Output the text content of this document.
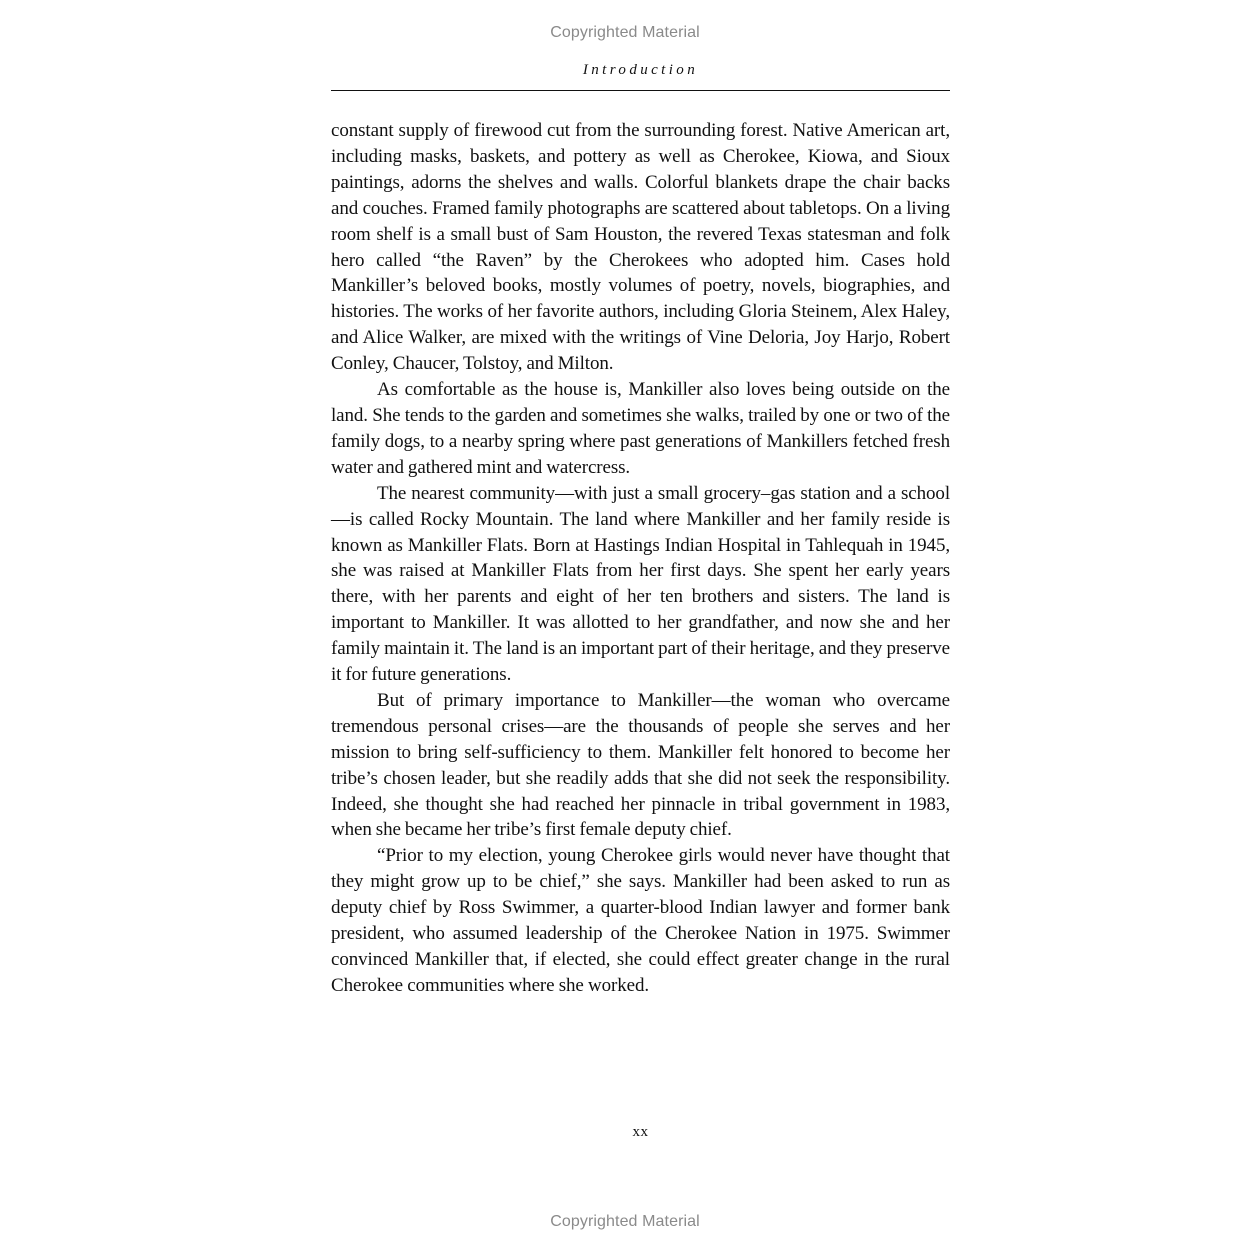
Copyrighted Material
Introduction

constant supply of firewood cut from the surrounding forest. Native American art, including masks, baskets, and pottery as well as Cherokee, Kiowa, and Sioux paintings, adorns the shelves and walls. Colorful blankets drape the chair backs and couches. Framed family photographs are scattered about tabletops. On a living room shelf is a small bust of Sam Houston, the revered Texas statesman and folk hero called “the Raven” by the Cherokees who adopted him. Cases hold Mankiller’s beloved books, mostly volumes of poetry, novels, biographies, and histories. The works of her favorite authors, including Gloria Steinem, Alex Haley, and Alice Walker, are mixed with the writings of Vine Deloria, Joy Harjo, Robert Conley, Chaucer, Tolstoy, and Milton.

As comfortable as the house is, Mankiller also loves being outside on the land. She tends to the garden and sometimes she walks, trailed by one or two of the family dogs, to a nearby spring where past generations of Mankillers fetched fresh water and gathered mint and watercress.

The nearest community—with just a small grocery–gas station and a school—is called Rocky Mountain. The land where Mankiller and her family reside is known as Mankiller Flats. Born at Hastings Indian Hospital in Tahlequah in 1945, she was raised at Mankiller Flats from her first days. She spent her early years there, with her parents and eight of her ten brothers and sisters. The land is important to Mankiller. It was allotted to her grandfather, and now she and her family maintain it. The land is an important part of their heritage, and they preserve it for future generations.

But of primary importance to Mankiller—the woman who overcame tremendous personal crises—are the thousands of people she serves and her mission to bring self-sufficiency to them. Mankiller felt honored to become her tribe’s chosen leader, but she readily adds that she did not seek the responsibility. Indeed, she thought she had reached her pinnacle in tribal government in 1983, when she became her tribe’s first female deputy chief.

“Prior to my election, young Cherokee girls would never have thought that they might grow up to be chief,” she says. Mankiller had been asked to run as deputy chief by Ross Swimmer, a quarter-blood Indian lawyer and former bank president, who assumed leadership of the Cherokee Nation in 1975. Swimmer convinced Mankiller that, if elected, she could effect greater change in the rural Cherokee communities where she worked.

xx
Copyrighted Material
